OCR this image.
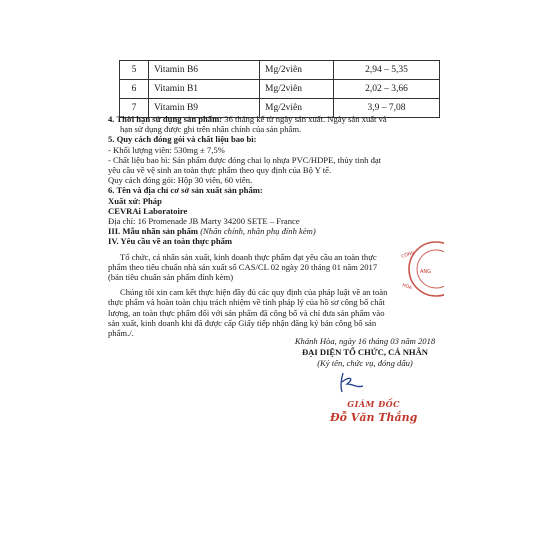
5	Vitamin B6	Mg/2viên	2,94 – 5,35
6	Vitamin B1	Mg/2viên	2,02 – 3,66
7	Vitamin B9	Mg/2viên	3,9 – 7,08

4. Thời hạn sử dụng sản phẩm: 36 tháng kể từ ngày sản xuất. Ngày sản xuất và

hạn sử dụng được ghi trên nhãn chính của sản phẩm.

5. Quy cách đóng gói và chất liệu bao bì:

- Khối lượng viên: 530mg ± 7,5%

- Chất liệu bao bì: Sản phẩm được đóng chai lọ nhựa PVC/HDPE, thủy tinh đạt

yêu cầu về vệ sinh an toàn thực phẩm theo quy định của Bộ Y tế.

Quy cách đóng gói: Hộp 30 viên, 60 viên.

6. Tên và địa chỉ cơ sở sản xuất sản phẩm:

Xuất xứ: Pháp

CEVRAi Laboratoire

Địa chỉ: 16 Promenade JB Marty 34200 SETE – France

III. Mẫu nhãn sản phẩm (Nhãn chính, nhãn phụ đính kèm)

IV. Yêu cầu về an toàn thực phẩm

Tổ chức, cá nhân sản xuất, kinh doanh thực phẩm đạt yêu cầu an toàn thực

phẩm theo tiêu chuẩn nhà sản xuất số CAS/CL 02 ngày 20 tháng 01 năm 2017

(bản tiêu chuẩn sản phẩm đính kèm)

Chúng tôi xin cam kết thực hiện đầy đủ các quy định của pháp luật về an toàn

thực phẩm và hoàn toàn chịu trách nhiệm về tính pháp lý của hồ sơ công bố chất

lượng, an toàn thực phẩm đối với sản phẩm đã công bố và chỉ đưa sản phẩm vào

sản xuất, kinh doanh khi đã được cấp Giấy tiếp nhận đăng ký bản công bố sản

phẩm./.

CÔNG
ANG
HÒA
Khánh Hòa, ngày 16 tháng 03 năm 2018
ĐẠI DIỆN TỔ CHỨC, CÁ NHÂN
(Ký tên, chức vụ, đóng dấu)
GIÁM ĐỐC
Đỗ Văn Thắng
